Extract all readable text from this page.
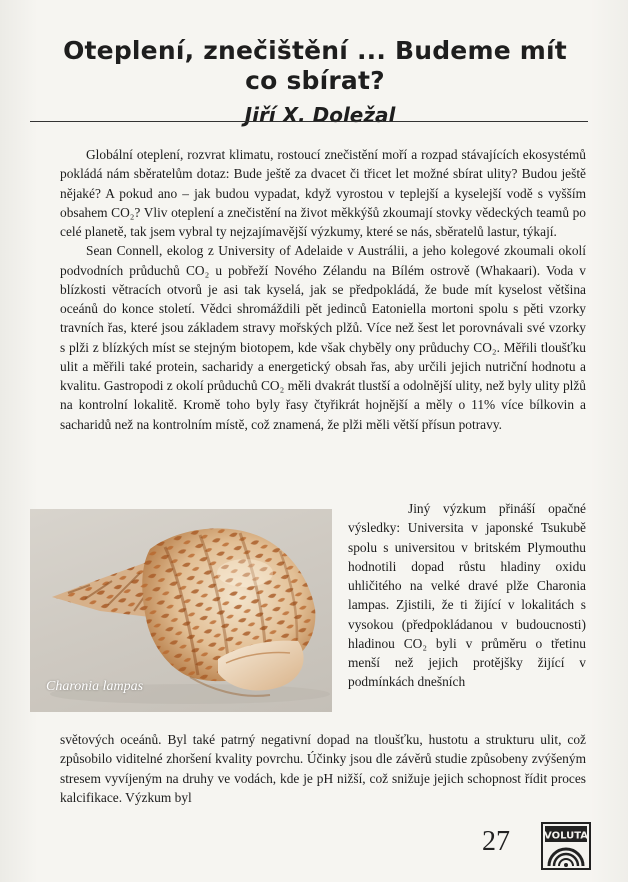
Oteplení, znečištění ... Budeme mít
co sbírat?
Jiří X. Doležal

Globální oteplení, rozvrat klimatu, rostoucí znečistění moří a rozpad stávajících ekosystémů pokládá nám sběratelům dotaz: Bude ještě za dvacet či třicet let možné sbírat ulity? Budou ještě nějaké? A pokud ano – jak budou vypadat, když vyrostou v teplejší a kyselejší vodě s vyšším obsahem CO₂? Vliv oteplení a znečistění na život měkkýšů zkoumají stovky vědeckých teamů po celé planetě, tak jsem vybral ty nejzajímavější výzkumy, které se nás, sběratelů lastur, týkají.

Sean Connell, ekolog z University of Adelaide v Austrálii, a jeho kolegové zkoumali okolí podvodních průduchů CO₂ u pobřeží Nového Zélandu na Bílém ostrově (Whakaari). Voda v blízkosti větracích otvorů je asi tak kyselá, jak se předpokládá, že bude mít kyselost většina oceánů do konce století. Vědci shromáždili pět jedinců Eatoniella mortoni spolu s pěti vzorky travních řas, které jsou základem stravy mořských plžů. Více než šest let porovnávali své vzorky s plži z blízkých míst se stejným biotopem, kde však chyběly ony průduchy CO₂. Měřili tloušťku ulit a měřili také protein, sacharidy a energetický obsah řas, aby určili jejich nutriční hodnotu a kvalitu. Gastropodi z okolí průduchů CO₂ měli dvakrát tlustší a odolnější ulity, než byly ulity plžů na kontrolní lokalitě. Kromě toho byly řasy čtyřikrát hojnější a měly o 11% více bílkovin a sacharidů než na kontrolním místě, což znamená, že plži měli větší přísun potravy.

Charonia lampas

Jiný výzkum přináší opačné výsledky: Universita v japonské Tsukubě spolu s universitou v britském Plymouthu hodnotili dopad růstu hladiny oxidu uhličitého na velké dravé plže Charonia lampas. Zjistili, že ti žijící v lokalitách s vysokou (předpokládanou v budoucnosti) hladinou CO₂ byli v průměru o třetinu menší než jejich protějšky žijící v podmínkách dnešních

světových oceánů. Byl také patrný negativní dopad na tloušťku, hustotu a strukturu ulit, což způsobilo viditelné zhoršení kvality povrchu. Účinky jsou dle závěrů studie způsobeny zvýšeným stresem vyvíjeným na druhy ve vodách, kde je pH nižší, což snižuje jejich schopnost řídit proces kalcifikace. Výzkum byl
27	VOLUTA
